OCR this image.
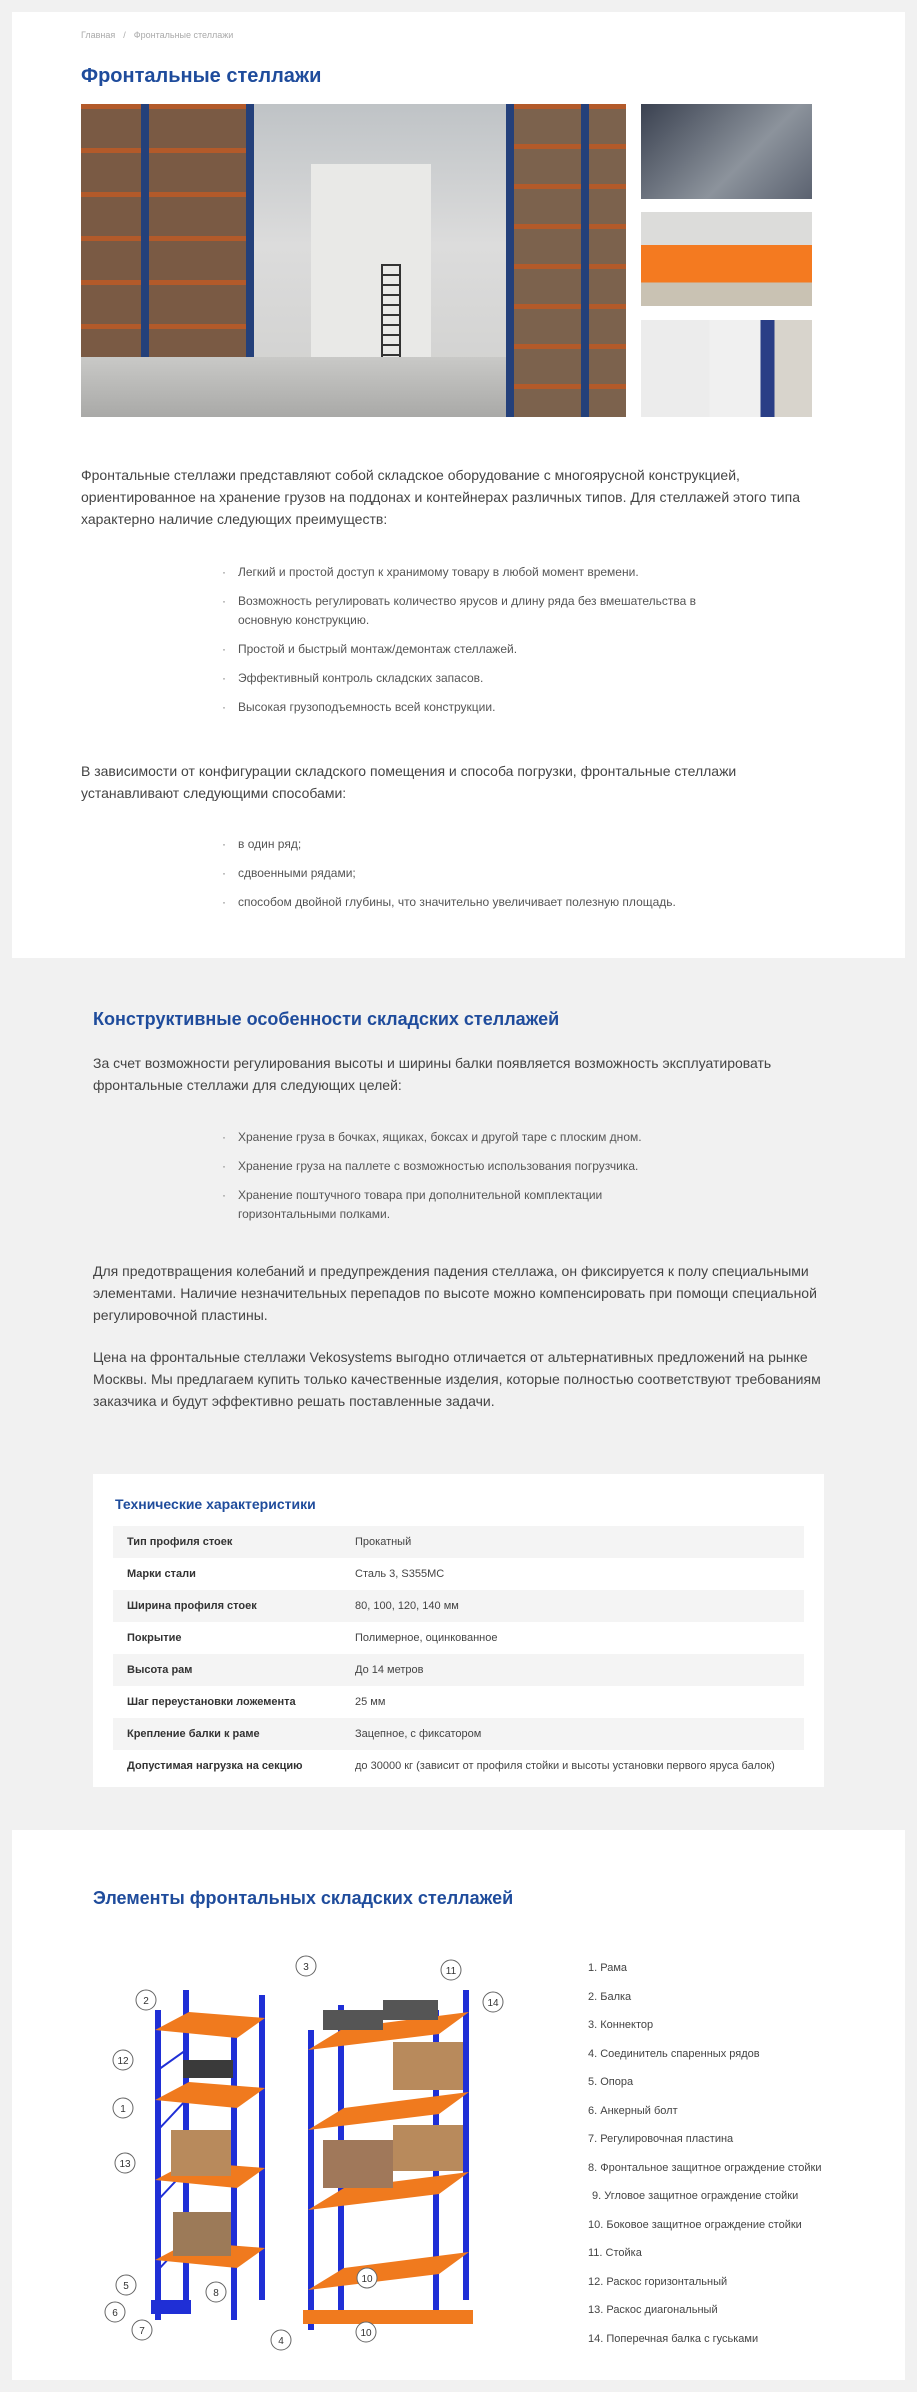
Главная / Фронтальные стеллажи
Фронтальные стеллажи

Фронтальные стеллажи представляют собой складское оборудование с многоярусной конструкцией, ориентированное на хранение грузов на поддонах и контейнерах различных типов. Для стеллажей этого типа характерно наличие следующих преимуществ:

· Легкий и простой доступ к хранимому товару в любой момент времени.
· Возможность регулировать количество ярусов и длину ряда без вмешательства в основную конструкцию.
· Простой и быстрый монтаж/демонтаж стеллажей.
· Эффективный контроль складских запасов.
· Высокая грузоподъемность всей конструкции.

В зависимости от конфигурации складского помещения и способа погрузки, фронтальные стеллажи устанавливают следующими способами:

· в один ряд;
· сдвоенными рядами;
· способом двойной глубины, что значительно увеличивает полезную площадь.
Конструктивные особенности складских стеллажей

За счет возможности регулирования высоты и ширины балки появляется возможность эксплуатировать фронтальные стеллажи для следующих целей:

· Хранение груза в бочках, ящиках, боксах и другой таре с плоским дном.
· Хранение груза на паллете с возможностью использования погрузчика.
· Хранение поштучного товара при дополнительной комплектации горизонтальными полками.

Для предотвращения колебаний и предупреждения падения стеллажа, он фиксируется к полу специальными элементами. Наличие незначительных перепадов по высоте можно компенсировать при помощи специальной регулировочной пластины.

Цена на фронтальные стеллажи Vekosystems выгодно отличается от альтернативных предложений на рынке Москвы. Мы предлагаем купить только качественные изделия, которые полностью соответствуют требованиям заказчика и будут эффективно решать поставленные задачи.

Технические характеристики
Тип профиля стоек	Прокатный
Марки стали	Сталь 3, S355MC
Ширина профиля стоек	80, 100, 120, 140 мм
Покрытие	Полимерное, оцинкованное
Высота рам	До 14 метров
Шаг переустановки ложемента	25 мм
Крепление балки к раме	Зацепное, с фиксатором
Допустимая нагрузка на секцию	до 30000 кг (зависит от профиля стойки и высоты установки первого яруса балок)
Элементы фронтальных складских стеллажей
2
3	11
14
12
1
13
5
6
7
8
10
10
4
1. Рама
2. Балка
3. Коннектор
4. Соединитель спаренных рядов
5. Опора
6. Анкерный болт
7. Регулировочная пластина
8. Фронтальное защитное ограждение стойки
9. Угловое защитное ограждение стойки
10. Боковое защитное ограждение стойки
11. Стойка
12. Раскос горизонтальный
13. Раскос диагональный
14. Поперечная балка с гуськами
